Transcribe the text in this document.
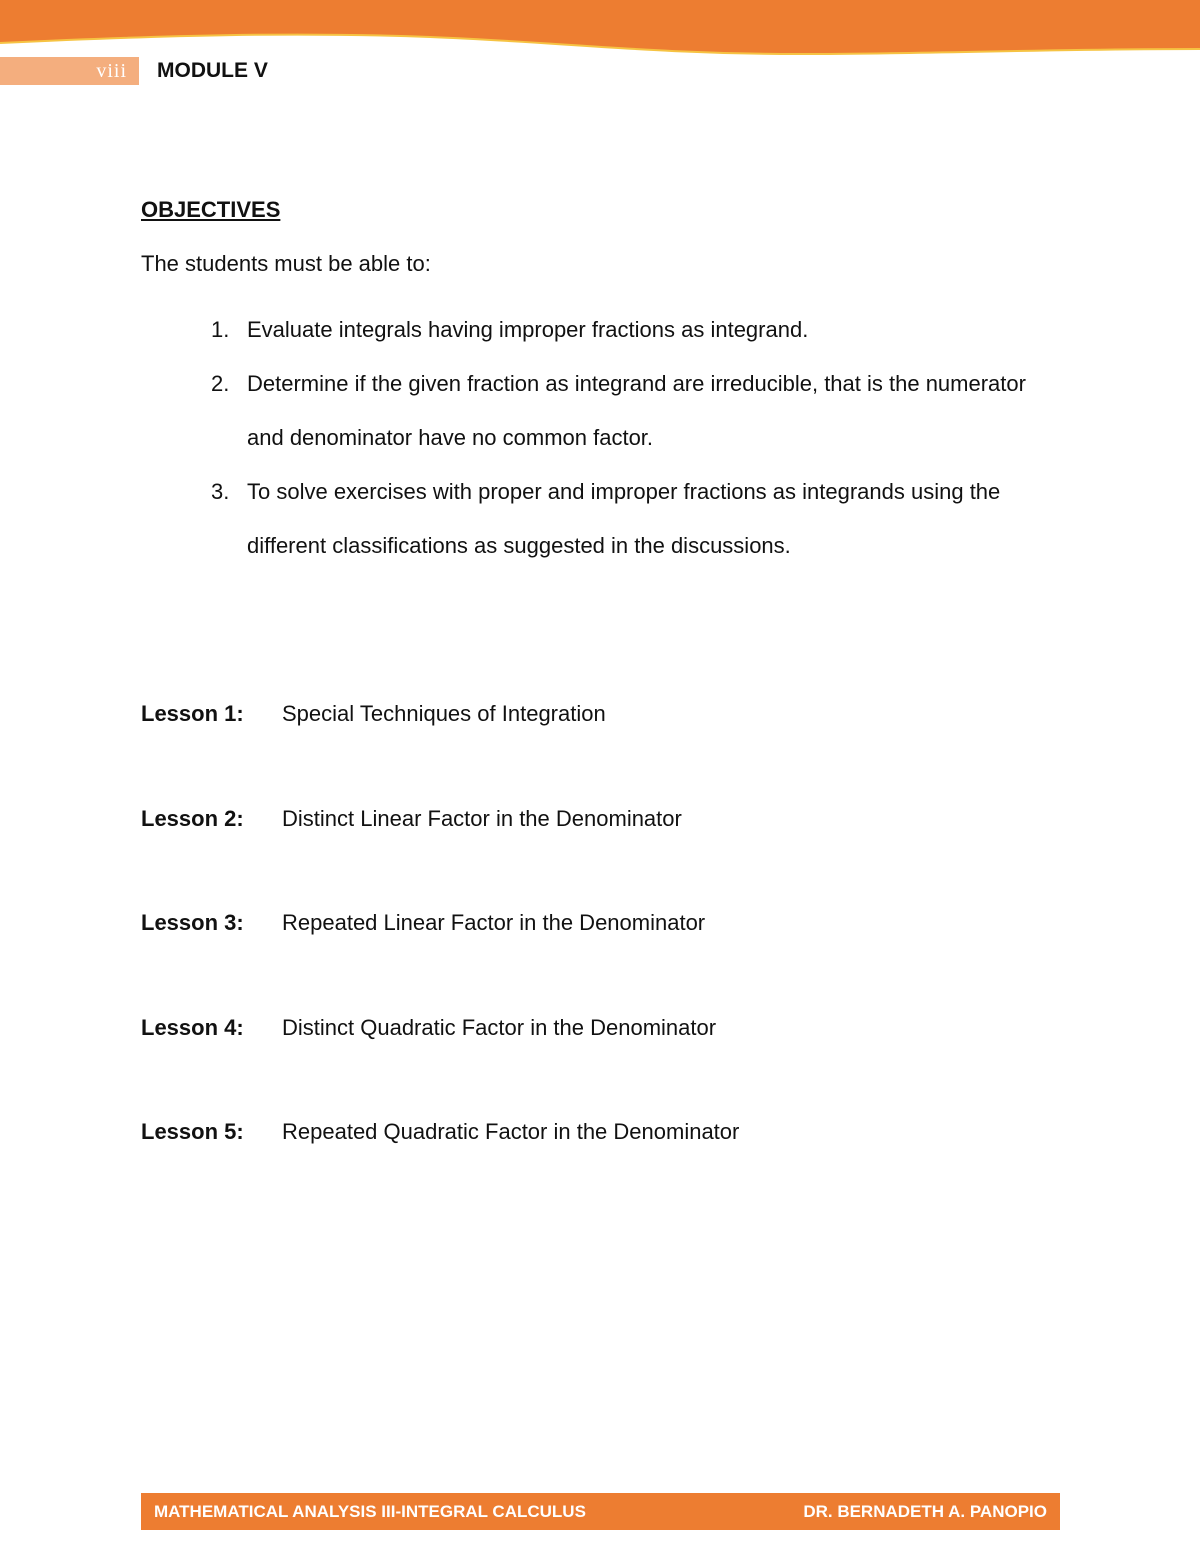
viii	MODULE V
OBJECTIVES
The students must be able to:
1. Evaluate integrals having improper fractions as integrand.
2. Determine if the given fraction as integrand are irreducible, that is the numerator
and denominator have no common factor.
3. To solve exercises with proper and improper fractions as integrands using the
different classifications as suggested in the discussions.
Lesson 1: Special Techniques of Integration
Lesson 2: Distinct Linear Factor in the Denominator
Lesson 3: Repeated Linear Factor in the Denominator
Lesson 4: Distinct Quadratic Factor in the Denominator
Lesson 5: Repeated Quadratic Factor in the Denominator
MATHEMATICAL ANALYSIS III-INTEGRAL CALCULUS	DR. BERNADETH A. PANOPIO
